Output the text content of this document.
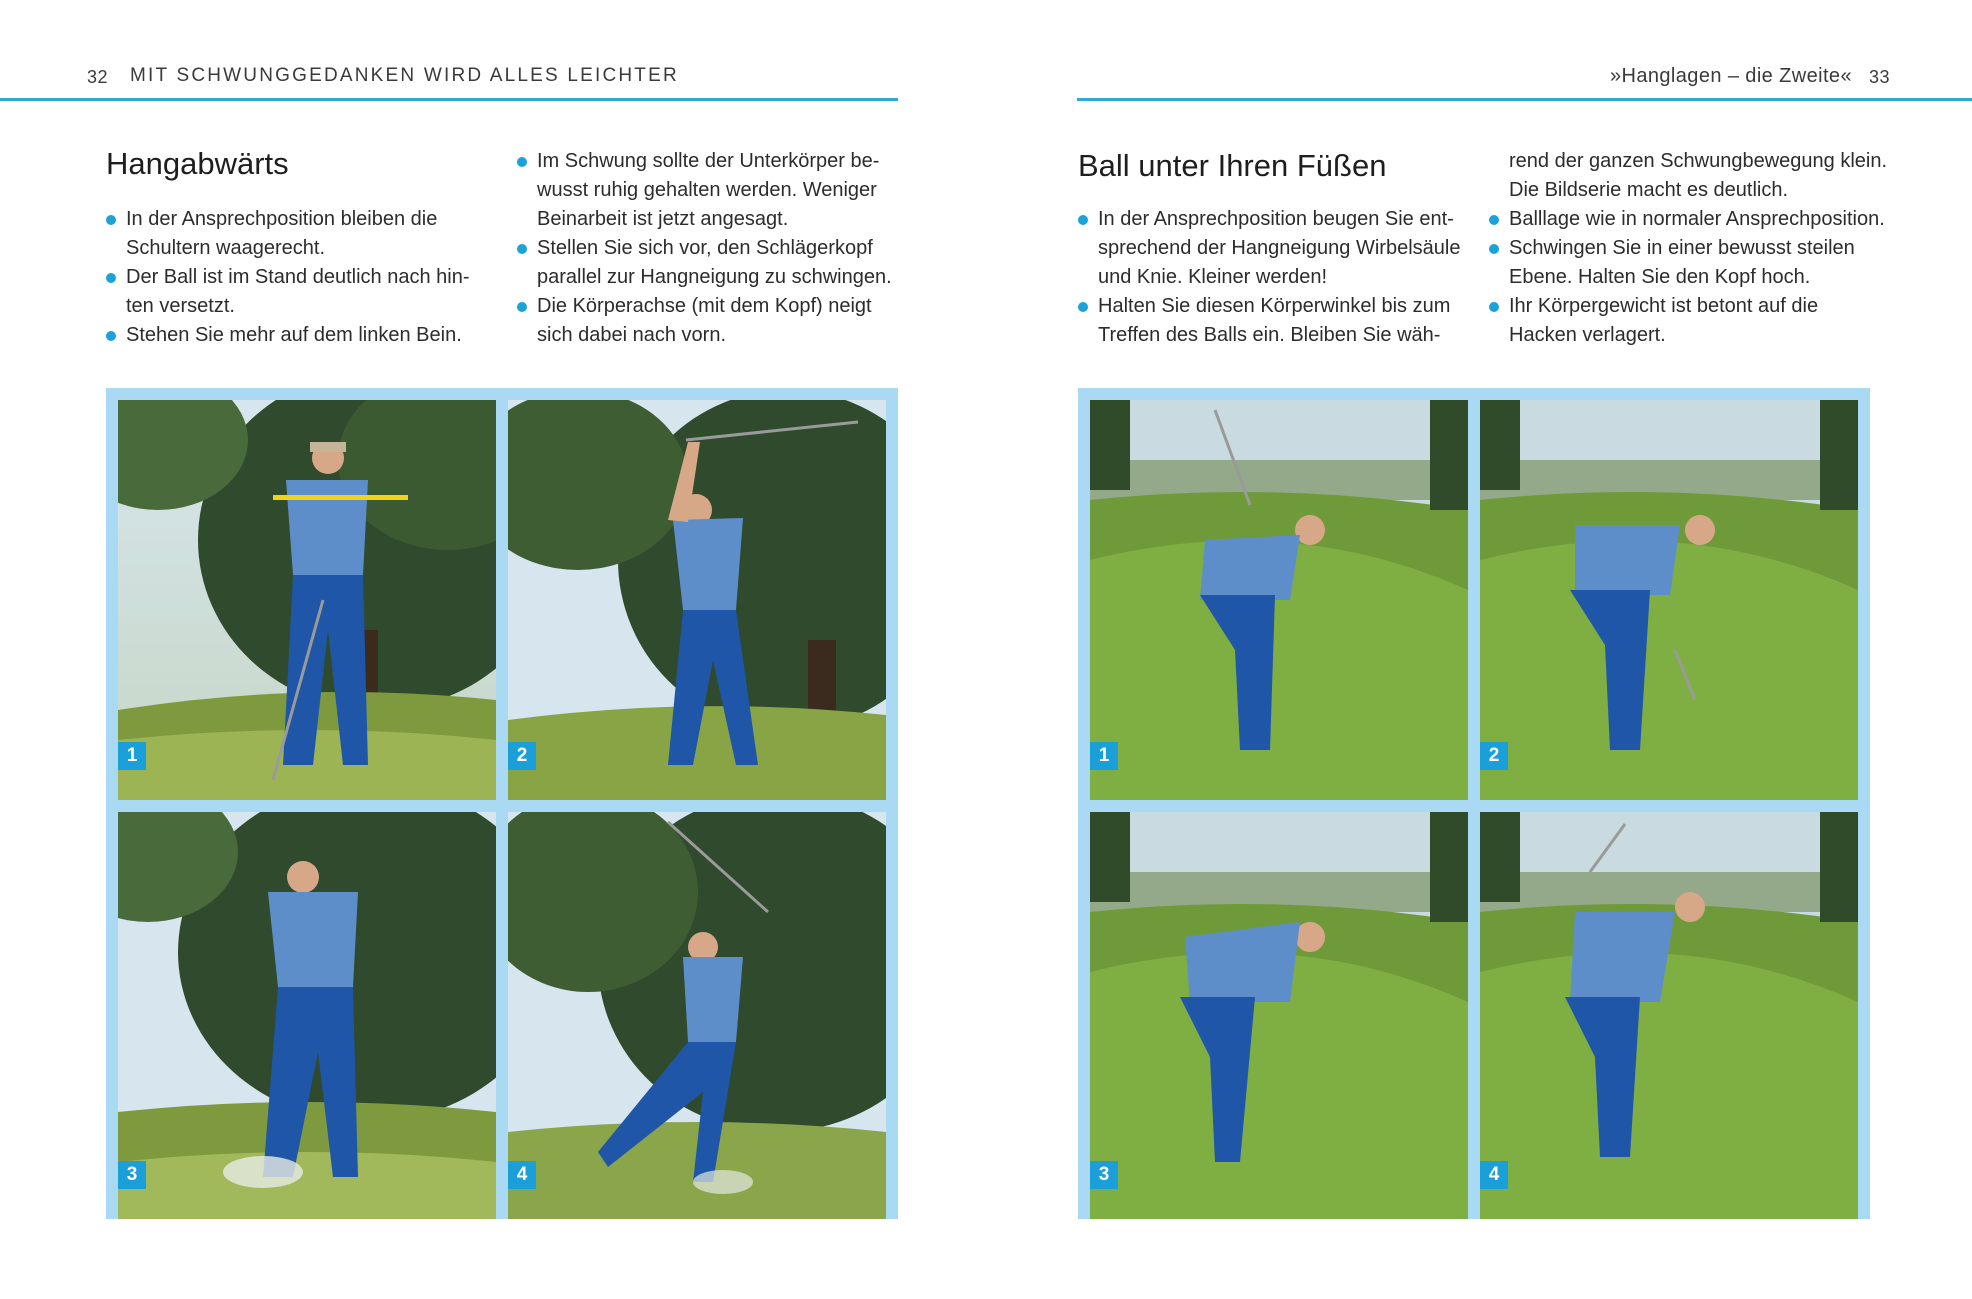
32 MIT SCHWUNGGEDANKEN WIRD ALLES LEICHTER
Hangabwärts
In der Ansprechposition bleiben die Schultern waagerecht.
Der Ball ist im Stand deutlich nach hin-ten versetzt.
Stehen Sie mehr auf dem linken Bein.
Im Schwung sollte der Unterkörper be-wusst ruhig gehalten werden. Weniger Beinarbeit ist jetzt angesagt.
Stellen Sie sich vor, den Schlägerkopf parallel zur Hangneigung zu schwingen.
Die Körperachse (mit dem Kopf) neigt sich dabei nach vorn.
1	2
3	4
»Hanglagen – die Zweite« 33
Ball unter Ihren Füßen
In der Ansprechposition beugen Sie ent-sprechend der Hangneigung Wirbelsäule und Knie. Kleiner werden!
Halten Sie diesen Körperwinkel bis zum Treffen des Balls ein. Bleiben Sie wäh-

rend der ganzen Schwungbewegung klein. Die Bildserie macht es deutlich.

Balllage wie in normaler Ansprechposition.
Schwingen Sie in einer bewusst steilen Ebene. Halten Sie den Kopf hoch.
Ihr Körpergewicht ist betont auf die Hacken verlagert.
1	2
3	4
